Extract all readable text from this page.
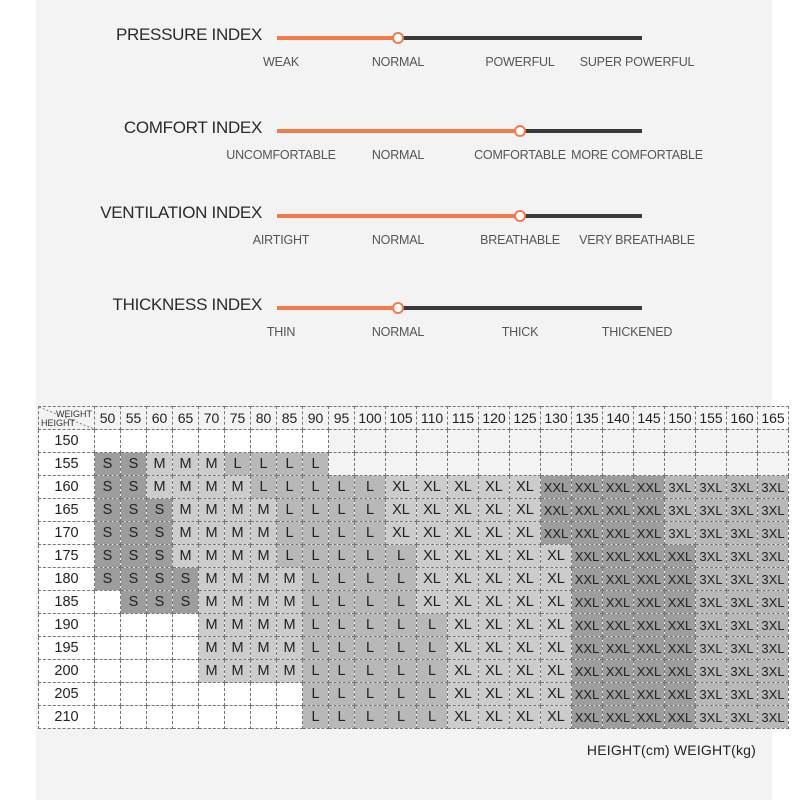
PRESSURE INDEX
WEAK	NORMAL	POWERFUL SUPER POWERFUL
COMFORT INDEX
UNCOMFORTABLE	NORMAL	COMFORTABLE MORE COMFORTABLE
VENTILATION INDEX
AIRTIGHT	NORMAL	BREATHABLE VERY BREATHABLE
THICKNESS INDEX
THIN	NORMAL	THICK	THICKENED
WEIGHT
HEIGHT	50	55	60	65	70	75	80	85	90	95	100	105	110	115	120	125	130	135	140	145	150	155	160	165
150																								
155	S	S	M	M	M	L	L	L	L															
160	S	S	M	M	M	M	L	L	L	L	L	XL	XL	XL	XL	XL	XXL	XXL	XXL	XXL	3XL	3XL	3XL	3XL
165	S	S	S	M	M	M	M	L	L	L	L	XL	XL	XL	XL	XL	XXL	XXL	XXL	XXL	3XL	3XL	3XL	3XL
170	S	S	S	M	M	M	M	L	L	L	L	XL	XL	XL	XL	XL	XXL	XXL	XXL	XXL	3XL	3XL	3XL	3XL
175	S	S	S	M	M	M	M	L	L	L	L	L	XL	XL	XL	XL	XL	XXL	XXL	XXL	XXL	3XL	3XL	3XL
180	S	S	S	S	M	M	M	M	L	L	L	L	XL	XL	XL	XL	XL	XXL	XXL	XXL	XXL	3XL	3XL	3XL
185		S	S	S	M	M	M	M	L	L	L	L	XL	XL	XL	XL	XL	XXL	XXL	XXL	XXL	3XL	3XL	3XL
190					M	M	M	M	L	L	L	L	L	XL	XL	XL	XL	XXL	XXL	XXL	XXL	3XL	3XL	3XL
195					M	M	M	M	L	L	L	L	L	XL	XL	XL	XL	XXL	XXL	XXL	XXL	3XL	3XL	3XL
200					M	M	M	M	L	L	L	L	L	XL	XL	XL	XL	XXL	XXL	XXL	XXL	3XL	3XL	3XL
205									L	L	L	L	L	XL	XL	XL	XL	XXL	XXL	XXL	XXL	3XL	3XL	3XL
210									L	L	L	L	L	XL	XL	XL	XL	XXL	XXL	XXL	XXL	3XL	3XL	3XL
HEIGHT(cm) WEIGHT(kg)
